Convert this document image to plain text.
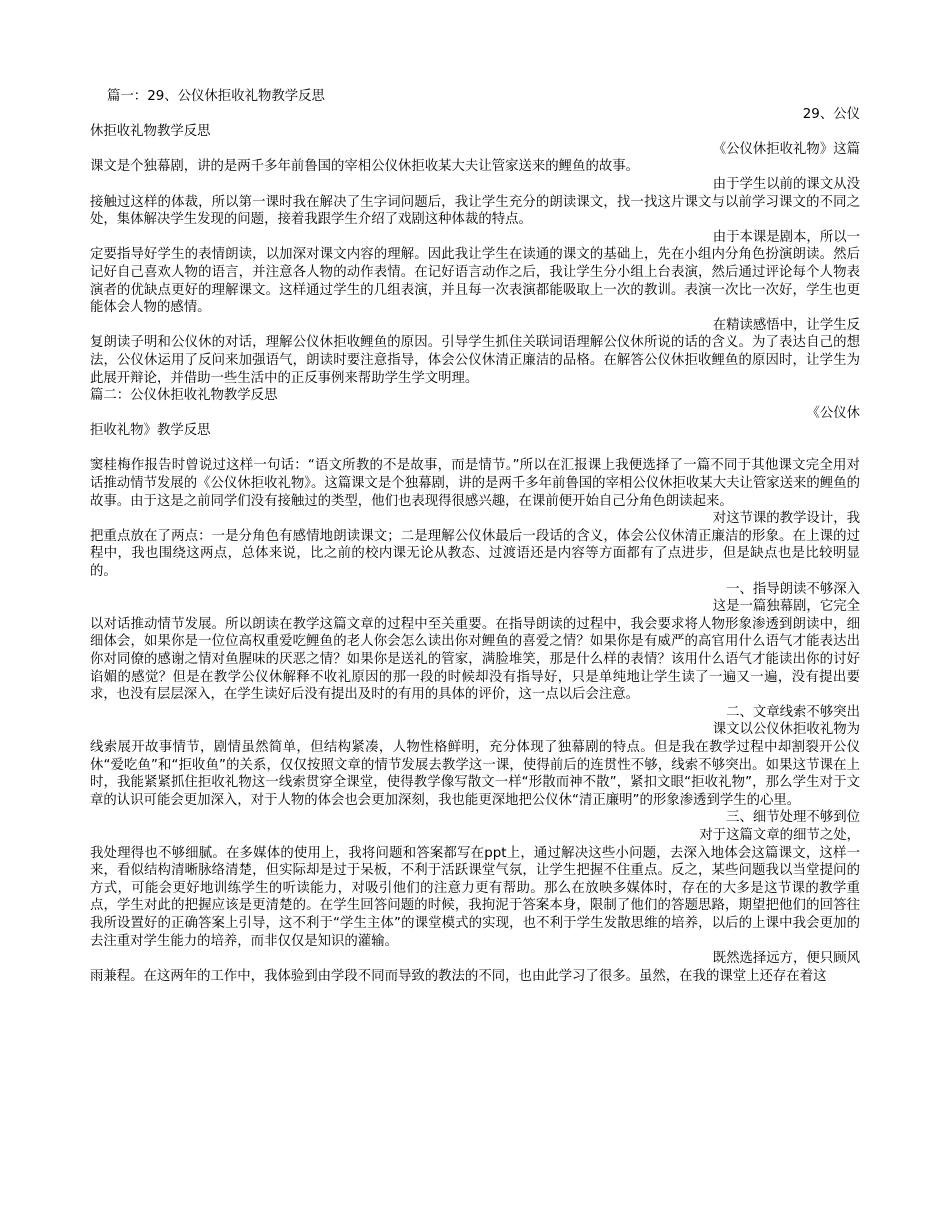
篇一：29、公仪休拒收礼物教学反思
29、公仪
休拒收礼物教学反思
《公仪休拒收礼物》这篇
课文是个独幕剧，讲的是两千多年前鲁国的宰相公仪休拒收某大夫让管家送来的鲤鱼的故事。
由于学生以前的课文从没
接触过这样的体裁，所以第一课时我在解决了生字词问题后，我让学生充分的朗读课文，找一找这片课文与以前学习课文的不同之处，集体解决学生发现的问题，接着我跟学生介绍了戏剧这种体裁的特点。
由于本课是剧本，所以一
定要指导好学生的表情朗读，以加深对课文内容的理解。因此我让学生在读通的课文的基础上，先在小组内分角色扮演朗读。然后记好自己喜欢人物的语言，并注意各人物的动作表情。在记好语言动作之后，我让学生分小组上台表演，然后通过评论每个人物表演者的优缺点更好的理解课文。这样通过学生的几组表演，并且每一次表演都能吸取上一次的教训。表演一次比一次好，学生也更能体会人物的感情。
在精读感悟中，让学生反
复朗读子明和公仪休的对话，理解公仪休拒收鲤鱼的原因。引导学生抓住关联词语理解公仪休所说的话的含义。为了表达自己的想法，公仪休运用了反问来加强语气，朗读时要注意指导，体会公仪休清正廉洁的品格。在解答公仪休拒收鲤鱼的原因时，让学生为此展开辩论，并借助一些生活中的正反事例来帮助学生学文明理。
篇二：公仪休拒收礼物教学反思
《公仪休
拒收礼物》教学反思
窦桂梅作报告时曾说过这样一句话：“语文所教的不是故事，而是情节。”所以在汇报课上我便选择了一篇不同于其他课文完全用对话推动情节发展的《公仪休拒收礼物》。这篇课文是个独幕剧，讲的是两千多年前鲁国的宰相公仪休拒收某大夫让管家送来的鲤鱼的故事。由于这是之前同学们没有接触过的类型，他们也表现得很感兴趣，在课前便开始自己分角色朗读起来。
对这节课的教学设计，我
把重点放在了两点：一是分角色有感情地朗读课文；二是理解公仪休最后一段话的含义，体会公仪休清正廉洁的形象。在上课的过程中，我也围绕这两点，总体来说，比之前的校内课无论从教态、过渡语还是内容等方面都有了点进步，但是缺点也是比较明显的。
一、指导朗读不够深入
这是一篇独幕剧，它完全
以对话推动情节发展。所以朗读在教学这篇文章的过程中至关重要。在指导朗读的过程中，我会要求将人物形象渗透到朗读中，细细体会，如果你是一位位高权重爱吃鲤鱼的老人你会怎么读出你对鲤鱼的喜爱之情？如果你是有威严的高官用什么语气才能表达出你对同僚的感谢之情对鱼腥味的厌恶之情？如果你是送礼的管家，满脸堆笑，那是什么样的表情？该用什么语气才能读出你的讨好谄媚的感觉？但是在教学公仪休解释不收礼原因的那一段的时候却没有指导好，只是单纯地让学生读了一遍又一遍，没有提出要求，也没有层层深入，在学生读好后没有提出及时的有用的具体的评价，这一点以后会注意。
二、文章线索不够突出
课文以公仪休拒收礼物为
线索展开故事情节，剧情虽然简单，但结构紧凑，人物性格鲜明，充分体现了独幕剧的特点。但是我在教学过程中却割裂开公仪休“爱吃鱼”和“拒收鱼”的关系，仅仅按照文章的情节发展去教学这一课，使得前后的连贯性不够，线索不够突出。如果这节课在上时，我能紧紧抓住拒收礼物这一线索贯穿全课堂，使得教学像写散文一样“形散而神不散”，紧扣文眼“拒收礼物”，那么学生对于文章的认识可能会更加深入，对于人物的体会也会更加深刻，我也能更深地把公仪休“清正廉明”的形象渗透到学生的心里。
三、细节处理不够到位
对于这篇文章的细节之处，
我处理得也不够细腻。在多媒体的使用上，我将问题和答案都写在ppt上，通过解决这些小问题，去深入地体会这篇课文，这样一来，看似结构清晰脉络清楚，但实际却是过于呆板，不利于活跃课堂气氛，让学生把握不住重点。反之，某些问题我以当堂提问的方式，可能会更好地训练学生的听读能力，对吸引他们的注意力更有帮助。那么在放映多媒体时，存在的大多是这节课的教学重点，学生对此的把握应该是更清楚的。在学生回答问题的时候，我拘泥于答案本身，限制了他们的答题思路，期望把他们的回答往我所设置好的正确答案上引导，这不利于“学生主体”的课堂模式的实现，也不利于学生发散思维的培养，以后的上课中我会更加的去注重对学生能力的培养，而非仅仅是知识的灌输。
既然选择远方，便只顾风
雨兼程。在这两年的工作中，我体验到由学段不同而导致的教法的不同，也由此学习了很多。虽然，在我的课堂上还存在着这
